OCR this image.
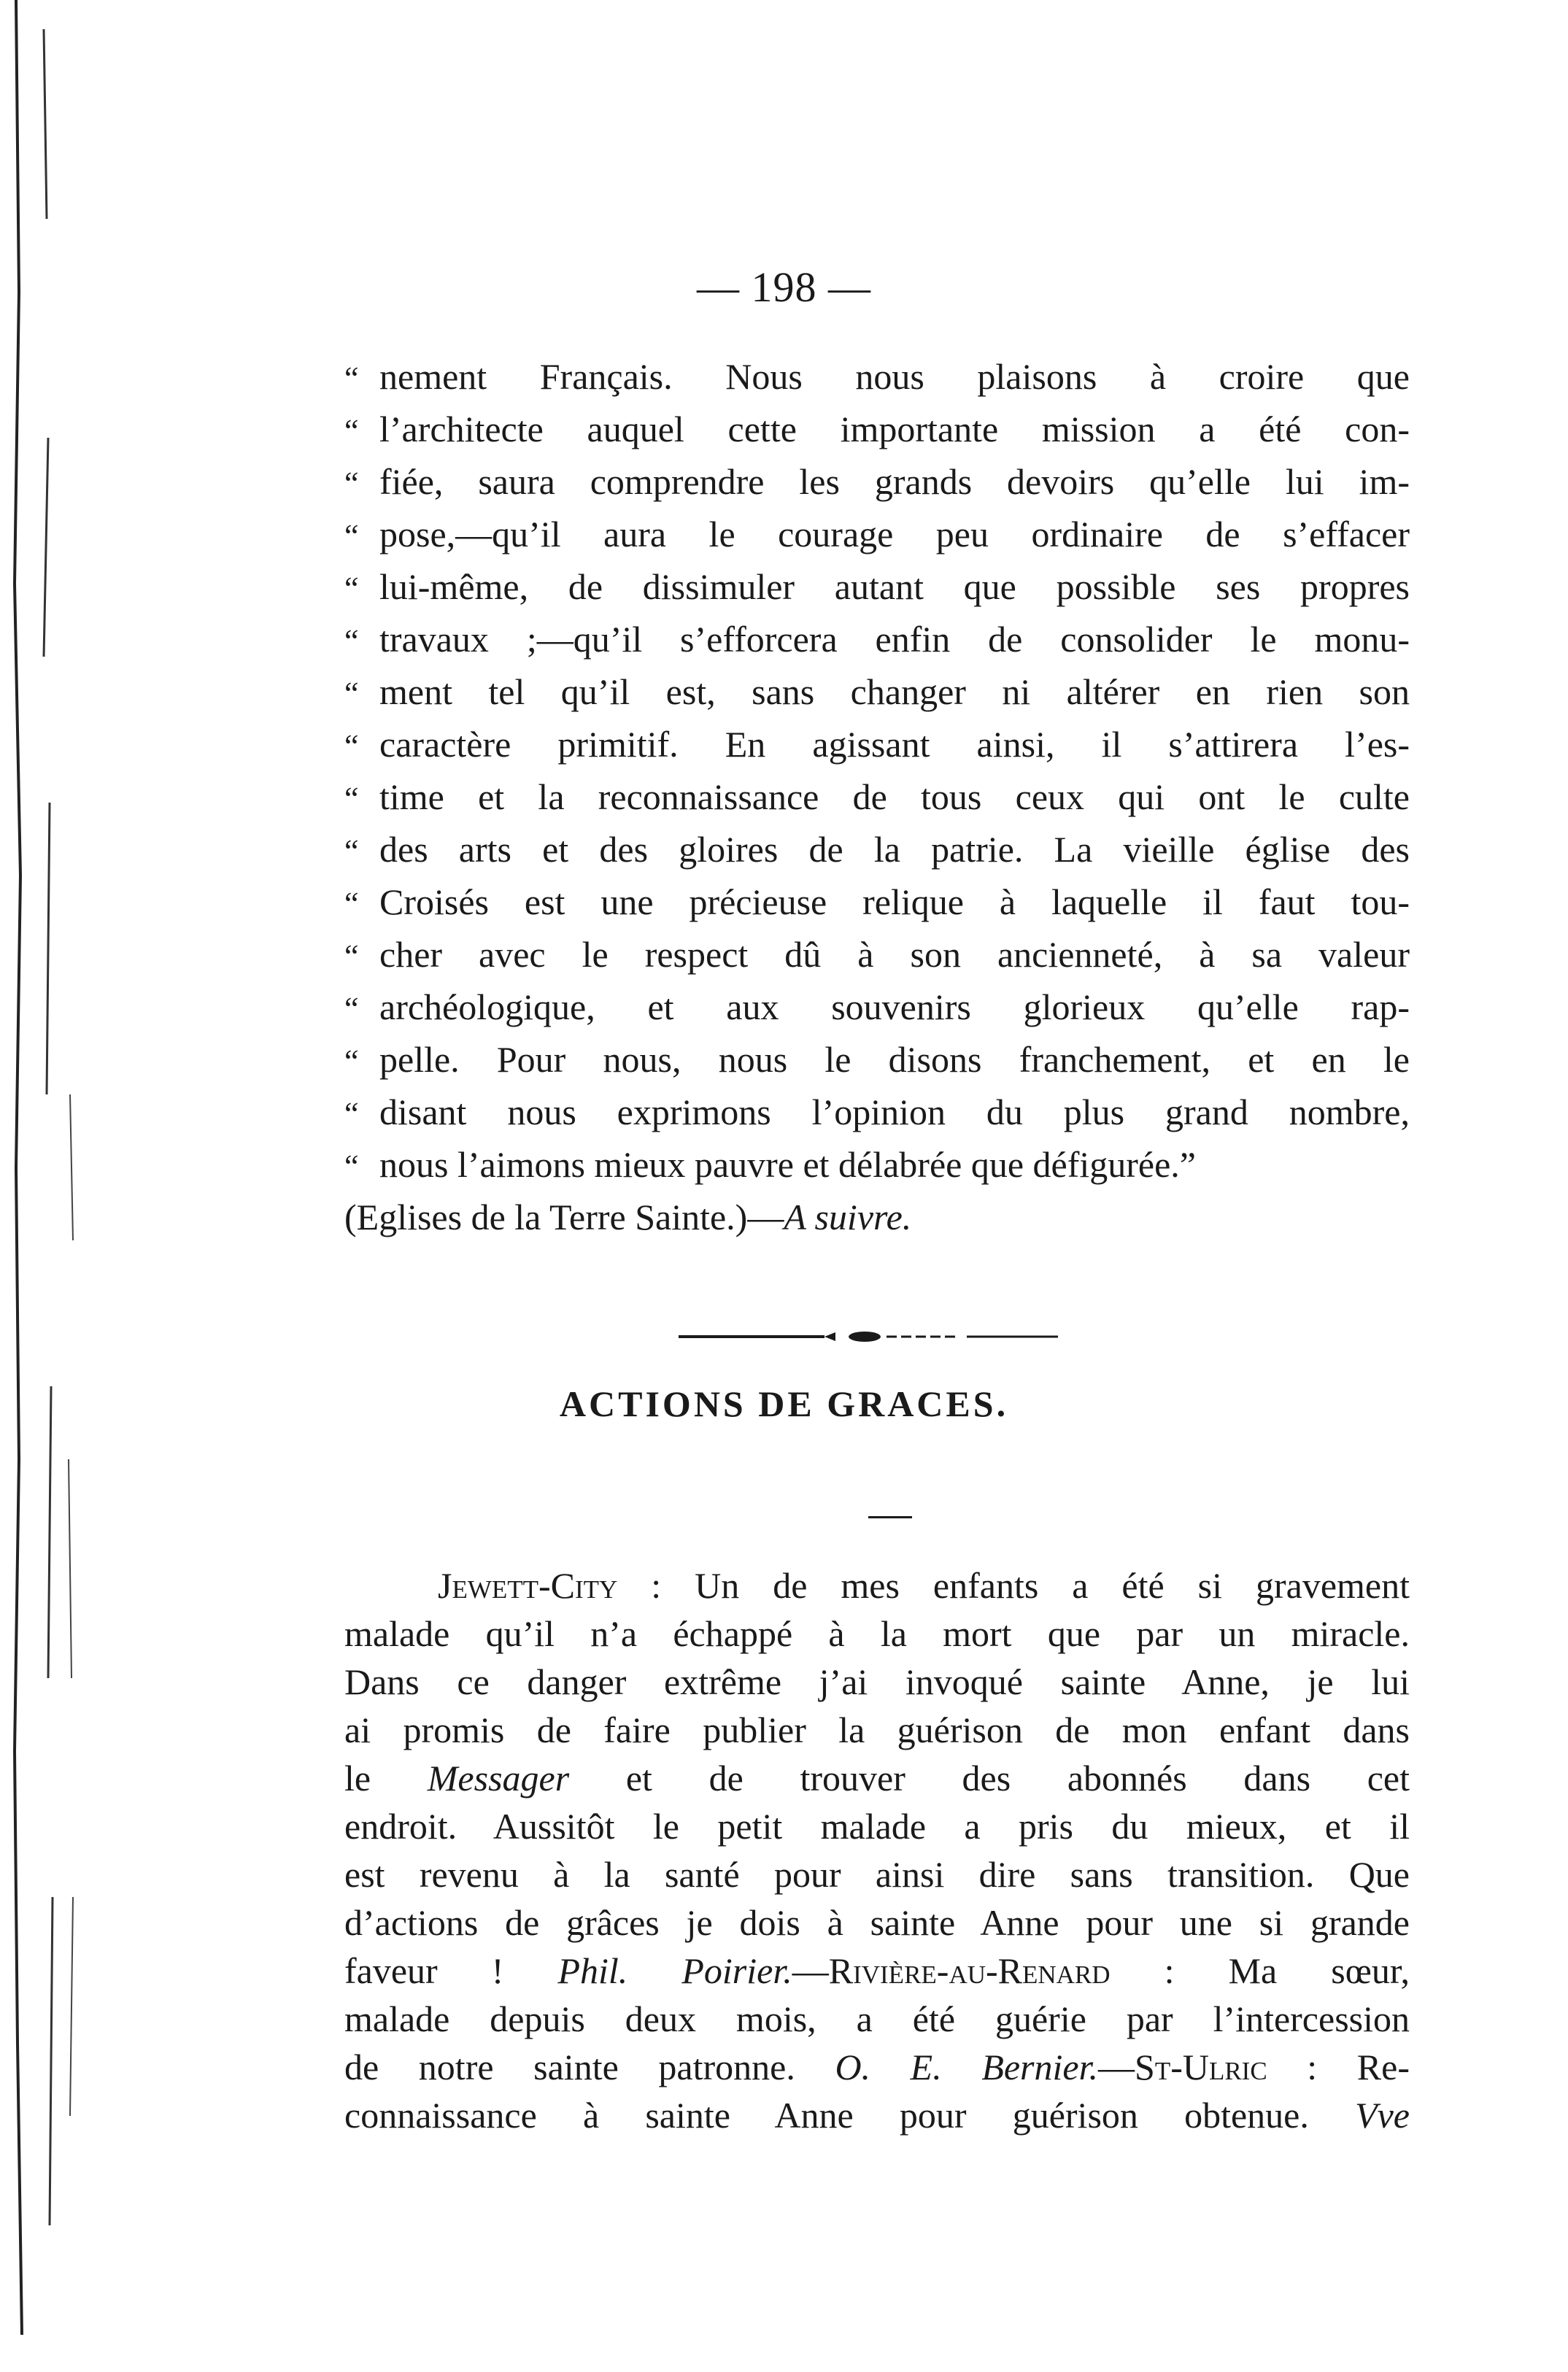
— 198 —
“ nement Français. Nous nous plaisons à croire que
“ l’architecte auquel cette importante mission a été con-
“ fiée, saura comprendre les grands devoirs qu’elle lui im-
“ pose,—qu’il aura le courage peu ordinaire de s’effacer
“ lui-même, de dissimuler autant que possible ses propres
“ travaux ;—qu’il s’efforcera enfin de consolider le monu-
“ ment tel qu’il est, sans changer ni altérer en rien son
“ caractère primitif. En agissant ainsi, il s’attirera l’es-
“ time et la reconnaissance de tous ceux qui ont le culte
“ des arts et des gloires de la patrie. La vieille église des
“ Croisés est une précieuse relique à laquelle il faut tou-
“ cher avec le respect dû à son ancienneté, à sa valeur
“ archéologique, et aux souvenirs glorieux qu’elle rap-
“ pelle. Pour nous, nous le disons franchement, et en le
“ disant nous exprimons l’opinion du plus grand nombre,
“ nous l’aimons mieux pauvre et délabrée que défigurée.”
(Eglises de la Terre Sainte.)—A suivre.
ACTIONS DE GRACES.
Jewett-City : Un de mes enfants a été si gravement
malade qu’il n’a échappé à la mort que par un miracle.
Dans ce danger extrême j’ai invoqué sainte Anne, je lui
ai promis de faire publier la guérison de mon enfant dans
le Messager et de trouver des abonnés dans cet
endroit. Aussitôt le petit malade a pris du mieux, et il
est revenu à la santé pour ainsi dire sans transition. Que
d’actions de grâces je dois à sainte Anne pour une si grande
faveur ! Phil. Poirier.—Rivière-au-Renard : Ma sœur,
malade depuis deux mois, a été guérie par l’intercession
de notre sainte patronne. O. E. Bernier.—St-Ulric : Re-
connaissance à sainte Anne pour guérison obtenue. Vve
